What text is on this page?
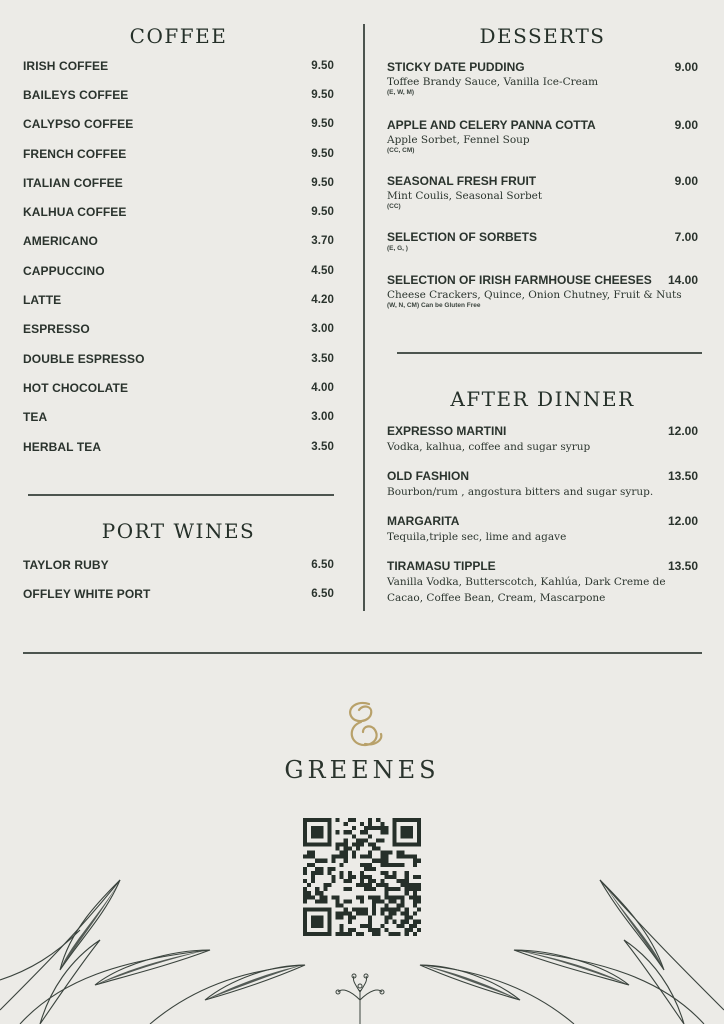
COFFEE
IRISH COFFEE	9.50
BAILEYS COFFEE	9.50
CALYPSO COFFEE	9.50
FRENCH COFFEE	9.50
ITALIAN COFFEE	9.50
KALHUA COFFEE	9.50
AMERICANO	3.70
CAPPUCCINO	4.50
LATTE	4.20
ESPRESSO	3.00
DOUBLE ESPRESSO	3.50
HOT CHOCOLATE	4.00
TEA	3.00
HERBAL TEA	3.50
PORT WINES
TAYLOR RUBY	6.50
OFFLEY WHITE PORT	6.50
DESSERTS
STICKY DATE PUDDING	9.00
Toffee Brandy Sauce, Vanilla Ice-Cream
(E, W, M)
APPLE AND CELERY PANNA COTTA	9.00
Apple Sorbet, Fennel Soup
(CC, CM)
SEASONAL FRESH FRUIT	9.00
Mint Coulis, Seasonal Sorbet
(CC)
SELECTION OF SORBETS	7.00
(E, G, )
SELECTION OF IRISH FARMHOUSE CHEESES 14.00
Cheese Crackers, Quince, Onion Chutney, Fruit & Nuts
(W, N, CM) Can be Gluten Free
AFTER DINNER
EXPRESSO MARTINI	12.00
Vodka, kalhua, coffee and sugar syrup
OLD FASHION	13.50
Bourbon/rum , angostura bitters and sugar syrup.
MARGARITA	12.00
Tequila,triple sec, lime and agave
TIRAMASU TIPPLE	13.50
Vanilla Vodka, Butterscotch, Kahlúa, Dark Creme de Cacao, Coffee Bean, Cream, Mascarpone
GREENES
